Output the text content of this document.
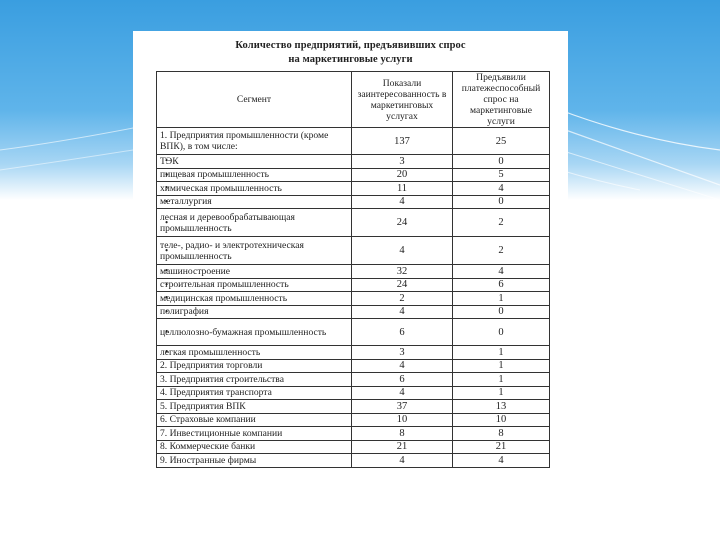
Количество предприятий, предъявивших спрос
на маркетинговые услуги
Сегмент	Показали заинтересованность в маркетинговых услугах	Предъявили платежеспособный спрос на маркетинговые услуги
1. Предприятия промышленности (кроме ВПК), в том числе:	137	25
• ТЭК	3	0
• пищевая промышленность	20	5
• химическая промышленность	11	4
• металлургия	4	0
• лесная и деревообрабатывающая промышленность	24	2
• теле-, радио- и электротехническая промышленность	4	2
• машиностроение	32	4
• строительная промышленность	24	6
• медицинская промышленность	2	1
• полиграфия	4	0
• целлюлозно-бумажная промышленность	6	0
• легкая промышленность	3	1
2. Предприятия торговли	4	1
3. Предприятия строительства	6	1
4. Предприятия транспорта	4	1
5. Предприятия ВПК	37	13
6. Страховые компании	10	10
7. Инвестиционные компании	8	8
8. Коммерческие банки	21	21
9. Иностранные фирмы	4	4
